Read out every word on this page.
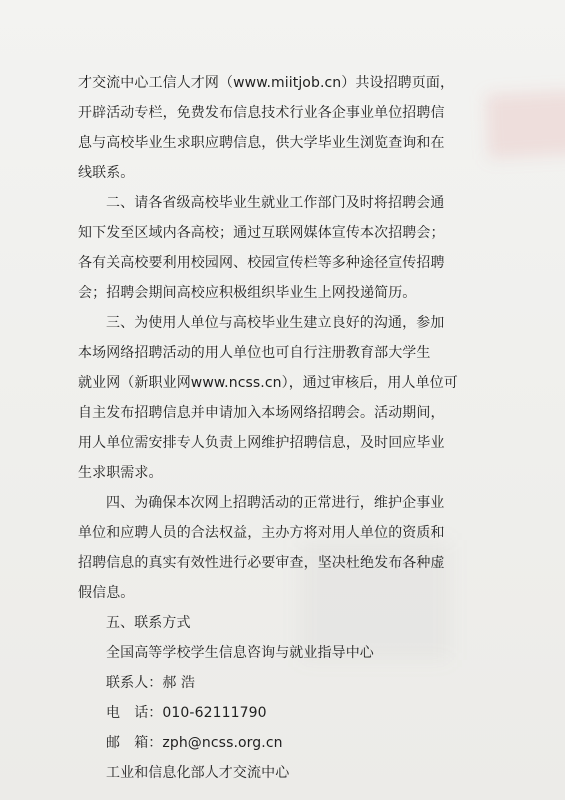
才交流中心工信人才网（www.miitjob.cn）共设招聘页面，
开辟活动专栏，免费发布信息技术行业各企事业单位招聘信
息与高校毕业生求职应聘信息，供大学毕业生浏览查询和在
线联系。
二、请各省级高校毕业生就业工作部门及时将招聘会通
知下发至区域内各高校；通过互联网媒体宣传本次招聘会；
各有关高校要利用校园网、校园宣传栏等多种途径宣传招聘
会；招聘会期间高校应积极组织毕业生上网投递简历。
三、为使用人单位与高校毕业生建立良好的沟通，参加
本场网络招聘活动的用人单位也可自行注册教育部大学生
就业网（新职业网www.ncss.cn），通过审核后，用人单位可
自主发布招聘信息并申请加入本场网络招聘会。活动期间，
用人单位需安排专人负责上网维护招聘信息，及时回应毕业
生求职需求。
四、为确保本次网上招聘活动的正常进行，维护企事业
单位和应聘人员的合法权益，主办方将对用人单位的资质和
招聘信息的真实有效性进行必要审查，坚决杜绝发布各种虚
假信息。
五、联系方式
全国高等学校学生信息咨询与就业指导中心
联系人：郝 浩
电　话：010-62111790
邮　箱：zph@ncss.org.cn
工业和信息化部人才交流中心
